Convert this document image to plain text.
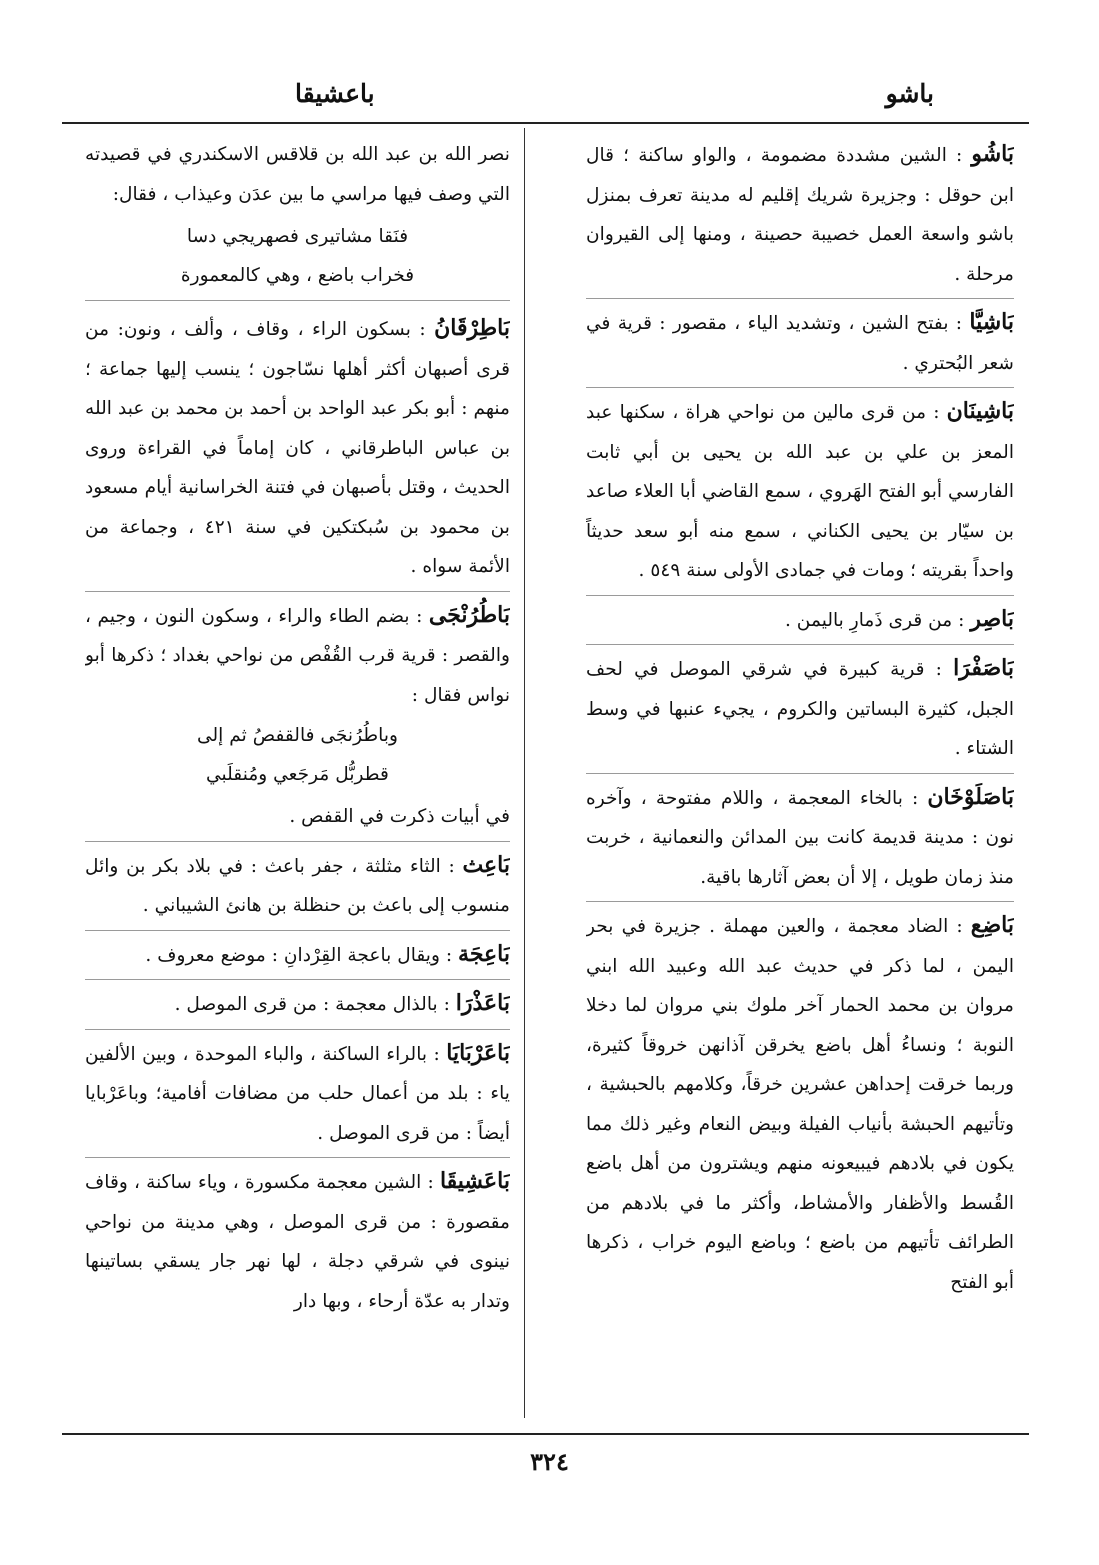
باشو
باعشيقا

بَاشُو : الشين مشددة مضمومة ، والواو ساكنة ؛ قال ابن حوقل : وجزيرة شريك إقليم له مدينة تعرف بمنزل باشو واسعة العمل خصيبة حصينة ، ومنها إلى القيروان مرحلة .

بَاشِيَّا : بفتح الشين ، وتشديد الياء ، مقصور : قرية في شعر البُحتري .

بَاشِينَان : من قرى مالين من نواحي هراة ، سكنها عبد المعز بن علي بن عبد الله بن يحيى بن أبي ثابت الفارسي أبو الفتح الهَروي ، سمع القاضي أبا العلاء صاعد بن سيّار بن يحيى الكناني ، سمع منه أبو سعد حديثاً واحداً بقريته ؛ ومات في جمادى الأولى سنة ٥٤٩ .

بَاصِر : من قرى ذَمارِ باليمن .

بَاصَفْرَا : قرية كبيرة في شرقي الموصل في لحف الجبل، كثيرة البساتين والكروم ، يجيء عنبها في وسط الشتاء .

بَاصَلَوْخَان : بالخاء المعجمة ، واللام مفتوحة ، وآخره نون : مدينة قديمة كانت بين المدائن والنعمانية ، خربت منذ زمان طويل ، إلا أن بعض آثارها باقية.

بَاضِع : الضاد معجمة ، والعين مهملة . جزيرة في بحر اليمن ، لما ذكر في حديث عبد الله وعبيد الله ابني مروان بن محمد الحمار آخر ملوك بني مروان لما دخلا النوبة ؛ ونساءُ أهل باضع يخرقن آذانهن خروقاً كثيرة، وربما خرقت إحداهن عشرين خرقاً، وكلامهم بالحبشية ، وتأتيهم الحبشة بأنياب الفيلة وبيض النعام وغير ذلك مما يكون في بلادهم فيبيعونه منهم ويشترون من أهل باضع القُسط والأظفار والأمشاط، وأكثر ما في بلادهم من الطرائف تأتيهم من باضع ؛ وباضع اليوم خراب ، ذكرها أبو الفتح

نصر الله بن عبد الله بن قلاقس الاسكندري في قصيدته التي وصف فيها مراسي ما بين عدَن وعيذاب ، فقال:

فنَقا مشاتيرى فصهريجي دسا
فخراب باضع ، وهي كالمعمورة

بَاطِرْقَانُ : بسكون الراء ، وقاف ، وألف ، ونون: من قرى أصبهان أكثر أهلها نسّاجون ؛ ينسب إليها جماعة ؛ منهم : أبو بكر عبد الواحد بن أحمد بن محمد بن عبد الله بن عباس الباطرقاني ، كان إماماً في القراءة وروى الحديث ، وقتل بأصبهان في فتنة الخراسانية أيام مسعود بن محمود بن سُبكتكين في سنة ٤٢١ ، وجماعة من الأئمة سواه .

بَاطُرُنْجَى : بضم الطاء والراء ، وسكون النون ، وجيم ، والقصر : قرية قرب القُفْص من نواحي بغداد ؛ ذكرها أبو نواس فقال :
وباطُرُنجَى فالقفصُ ثم إلى
قطربُّل مَرجَعي ومُنقلَبي
في أبيات ذكرت في القفص .

بَاعِث : الثاء مثلثة ، جفر باعث : في بلاد بكر بن وائل منسوب إلى باعث بن حنظلة بن هانئ الشيباني .

بَاعِجَة : ويقال باعجة القِرْدانِ : موضع معروف .

بَاعَذْرَا : بالذال معجمة : من قرى الموصل .

بَاعَرْبَايَا : بالراء الساكنة ، والباء الموحدة ، وبين الألفين ياء : بلد من أعمال حلب من مضافات أفامية؛ وباعَرْبايا أيضاً : من قرى الموصل .

بَاعَشِيقَا : الشين معجمة مكسورة ، وياء ساكنة ، وقاف مقصورة : من قرى الموصل ، وهي مدينة من نواحي نينوى في شرقي دجلة ، لها نهر جار يسقي بساتينها وتدار به عدّة أرحاء ، وبها دار

٣٢٤
